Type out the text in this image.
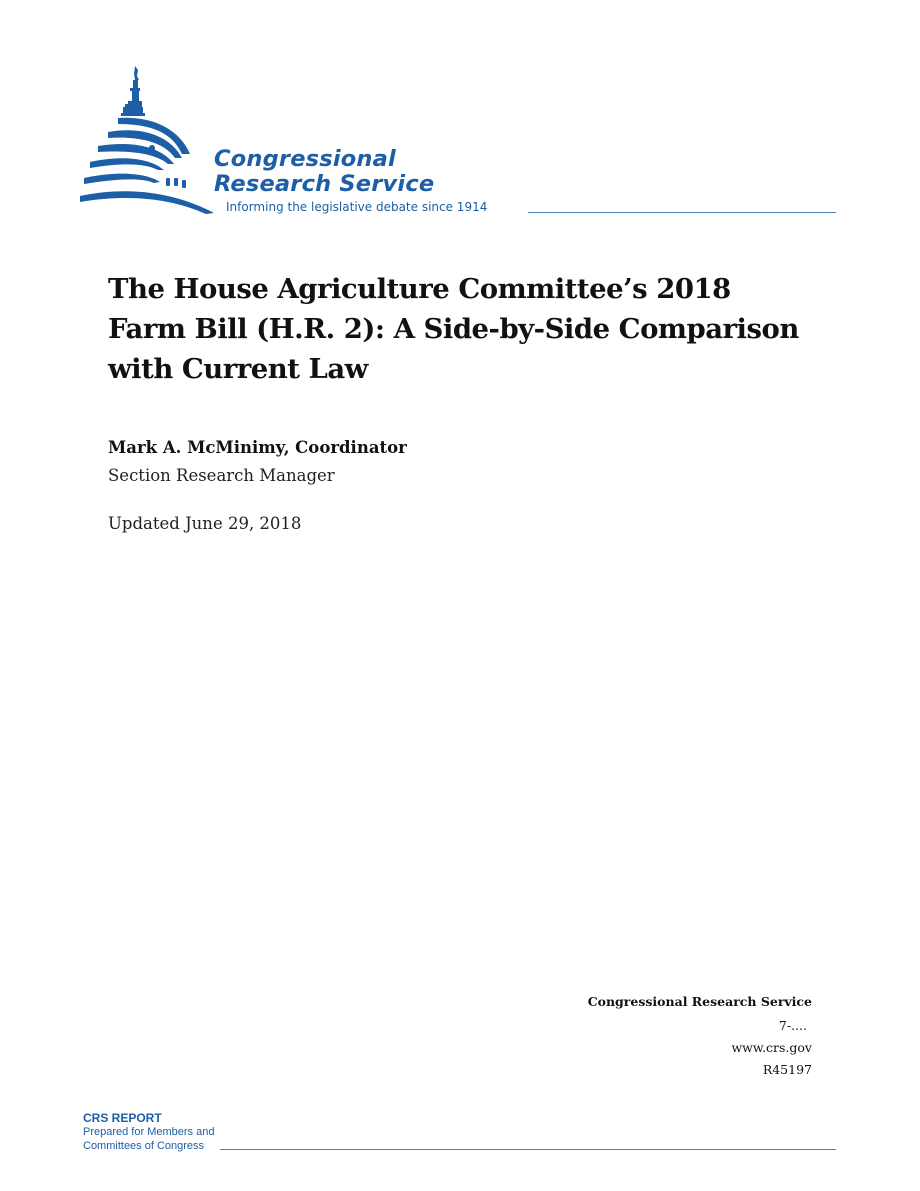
Congressional
Research Service
Informing the legislative debate since 1914
The House Agriculture Committee’s 2018
Farm Bill (H.R. 2): A Side-by-Side Comparison
with Current Law
Mark A. McMinimy, Coordinator
Section Research Manager
Updated June 29, 2018
Congressional Research Service
7-....
www.crs.gov
R45197
CRS REPORT
Prepared for Members and
Committees of Congress
